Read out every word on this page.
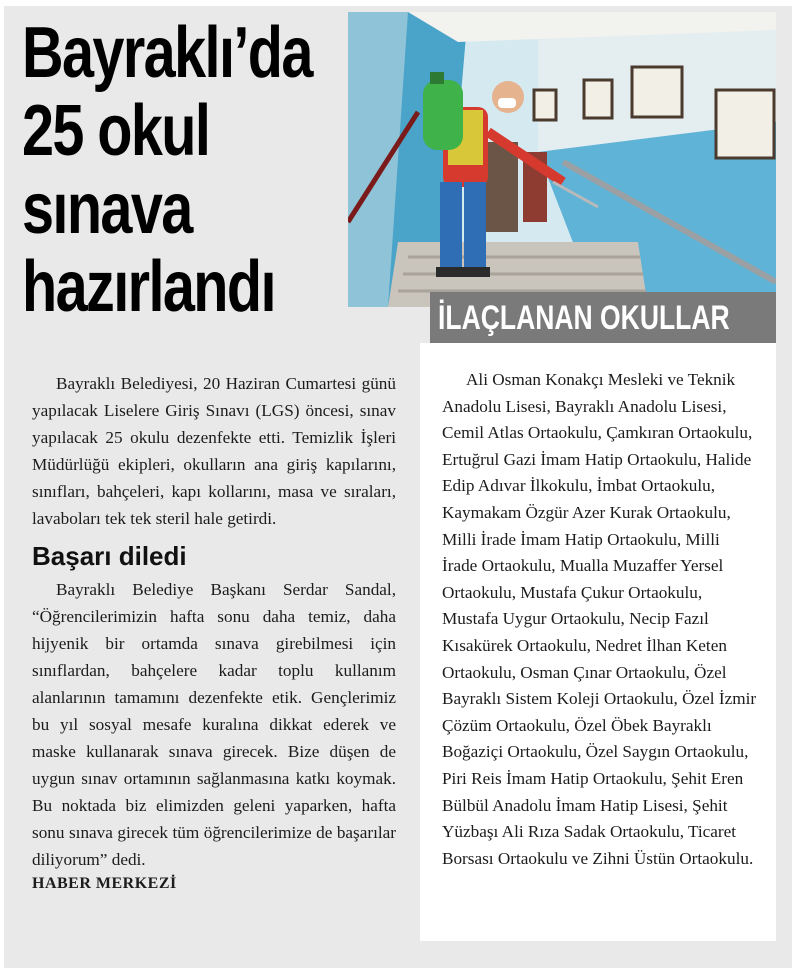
Bayraklı’da
25 okul
sınava
hazırlandı	İLAÇLANAN OKULLAR

Bayraklı Belediyesi, 20 Haziran Cumartesi günü yapılacak Liselere Giriş Sınavı (LGS) öncesi, sınav yapılacak 25 okulu dezenfekte etti. Temizlik İşleri Müdürlüğü ekipleri, okulların ana giriş kapılarını, sınıfları, bahçeleri, kapı kollarını, masa ve sıraları, lavaboları tek tek steril hale getirdi.

Başarı diledi

Bayraklı Belediye Başkanı Serdar Sandal, “Öğrencilerimizin hafta sonu daha temiz, daha hijyenik bir ortamda sınava girebilmesi için sınıflardan, bahçelere kadar toplu kullanım alanlarının tamamını dezenfekte etik. Gençlerimiz bu yıl sosyal mesafe kuralına dikkat ederek ve maske kullanarak sınava girecek. Bize düşen de uygun sınav ortamının sağlanmasına katkı koymak. Bu noktada biz elimizden geleni yaparken, hafta sonu sınava girecek tüm öğrencilerimize de başarılar diliyorum” dedi.

HABER MERKEZİ

Ali Osman Konakçı Mesleki ve Teknik Anadolu Lisesi, Bayraklı Anadolu Lisesi, Cemil Atlas Ortaokulu, Çamkıran Ortaokulu, Ertuğrul Gazi İmam Hatip Ortaokulu, Halide Edip Adıvar İlkokulu, İmbat Ortaokulu, Kaymakam Özgür Azer Kurak Ortaokulu, Milli İrade İmam Hatip Ortaokulu, Milli İrade Ortaokulu, Mualla Muzaffer Yersel Ortaokulu, Mustafa Çukur Ortaokulu, Mustafa Uygur Ortaokulu, Necip Fazıl Kısakürek Ortaokulu, Nedret İlhan Keten Ortaokulu, Osman Çınar Ortaokulu, Özel Bayraklı Sistem Koleji Ortaokulu, Özel İzmir Çözüm Ortaokulu, Özel Öbek Bayraklı Boğaziçi Ortaokulu, Özel Saygın Ortaokulu, Piri Reis İmam Hatip Ortaokulu, Şehit Eren Bülbül Anadolu İmam Hatip Lisesi, Şehit Yüzbaşı Ali Rıza Sadak Ortaokulu, Ticaret Borsası Ortaokulu ve Zihni Üstün Ortaokulu.
